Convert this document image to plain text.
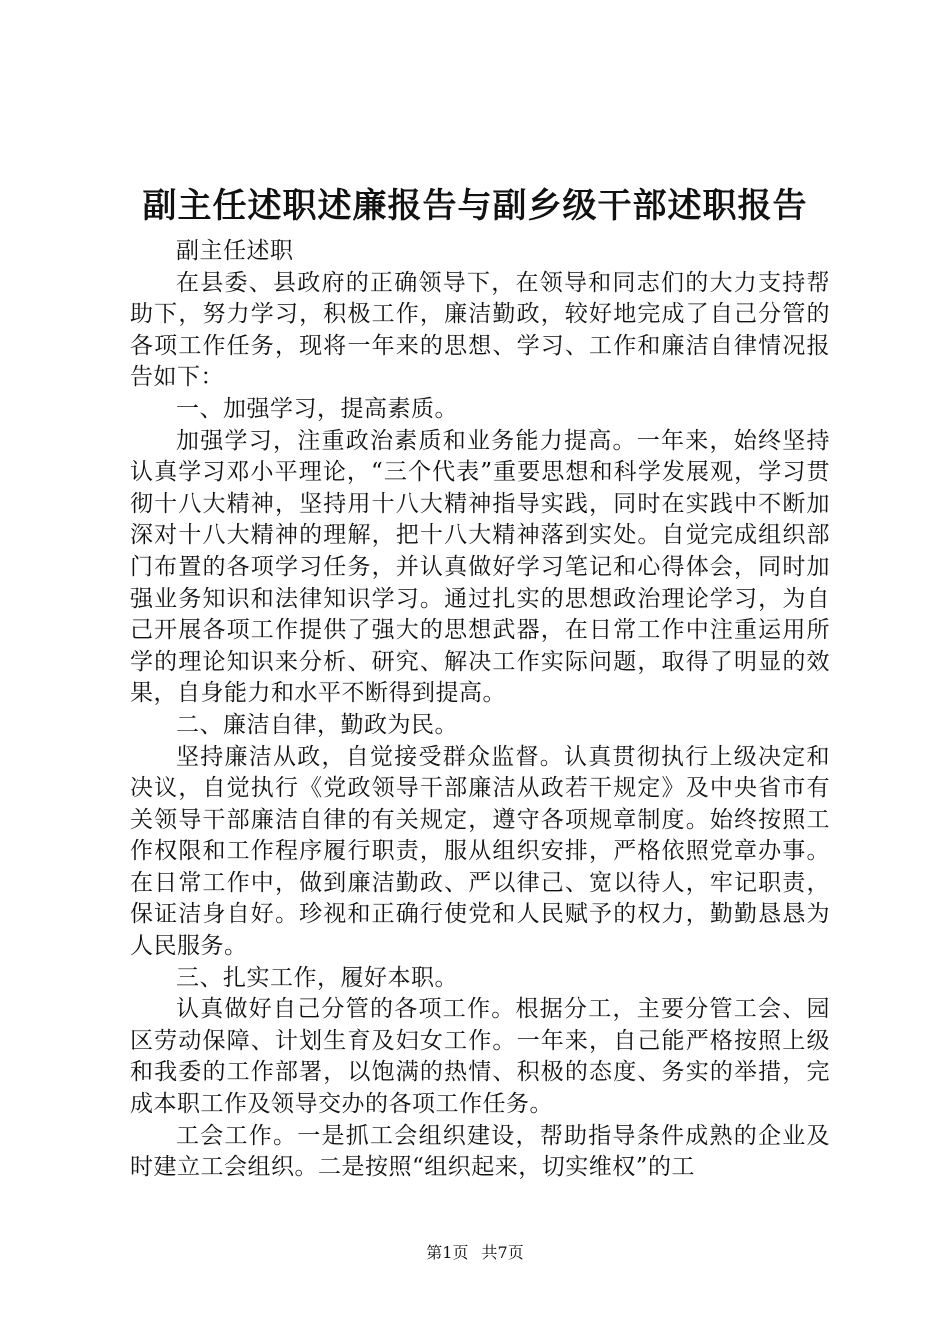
副主任述职述廉报告与副乡级干部述职报告

副主任述职

在县委、县政府的正确领导下，在领导和同志们的大力支持帮助下，努力学习，积极工作，廉洁勤政，较好地完成了自己分管的各项工作任务，现将一年来的思想、学习、工作和廉洁自律情况报告如下：

一、加强学习，提高素质。

加强学习，注重政治素质和业务能力提高。一年来，始终坚持认真学习邓小平理论，“三个代表”重要思想和科学发展观，学习贯彻十八大精神，坚持用十八大精神指导实践，同时在实践中不断加深对十八大精神的理解，把十八大精神落到实处。自觉完成组织部门布置的各项学习任务，并认真做好学习笔记和心得体会，同时加强业务知识和法律知识学习。通过扎实的思想政治理论学习，为自己开展各项工作提供了强大的思想武器，在日常工作中注重运用所学的理论知识来分析、研究、解决工作实际问题，取得了明显的效果，自身能力和水平不断得到提高。

二、廉洁自律，勤政为民。

坚持廉洁从政，自觉接受群众监督。认真贯彻执行上级决定和决议，自觉执行《党政领导干部廉洁从政若干规定》及中央省市有关领导干部廉洁自律的有关规定，遵守各项规章制度。始终按照工作权限和工作程序履行职责，服从组织安排，严格依照党章办事。在日常工作中，做到廉洁勤政、严以律己、宽以待人，牢记职责，保证洁身自好。珍视和正确行使党和人民赋予的权力，勤勤恳恳为人民服务。

三、扎实工作，履好本职。

认真做好自己分管的各项工作。根据分工，主要分管工会、园区劳动保障、计划生育及妇女工作。一年来，自己能严格按照上级和我委的工作部署，以饱满的热情、积极的态度、务实的举措，完成本职工作及领导交办的各项工作任务。

工会工作。一是抓工会组织建设，帮助指导条件成熟的企业及时建立工会组织。二是按照“组织起来，切实维权”的工

第1页 共7页
